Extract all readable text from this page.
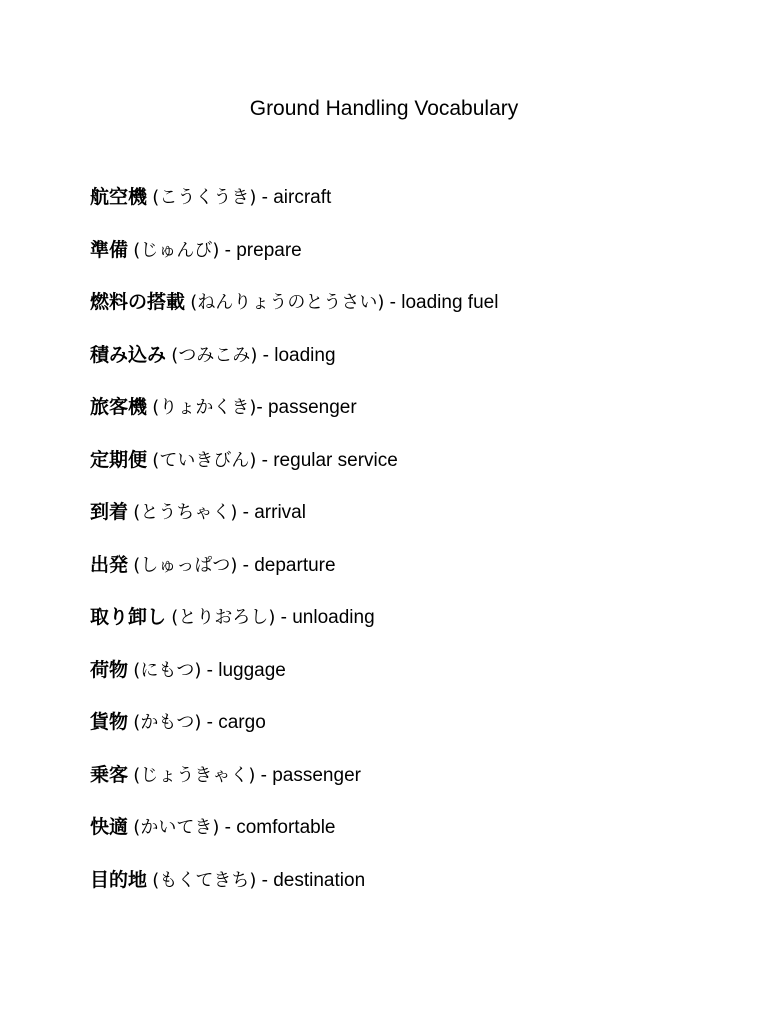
Ground Handling Vocabulary
航空機 (こうくうき) - aircraft
準備 (じゅんび) - prepare
燃料の搭載 (ねんりょうのとうさい) - loading fuel
積み込み (つみこみ) - loading
旅客機 (りょかくき)- passenger
定期便 (ていきびん) - regular service
到着 (とうちゃく) - arrival
出発 (しゅっぱつ) - departure
取り卸し (とりおろし) - unloading
荷物 (にもつ) - luggage
貨物 (かもつ) - cargo
乗客 (じょうきゃく) - passenger
快適 (かいてき) - comfortable
目的地 (もくてきち) - destination
